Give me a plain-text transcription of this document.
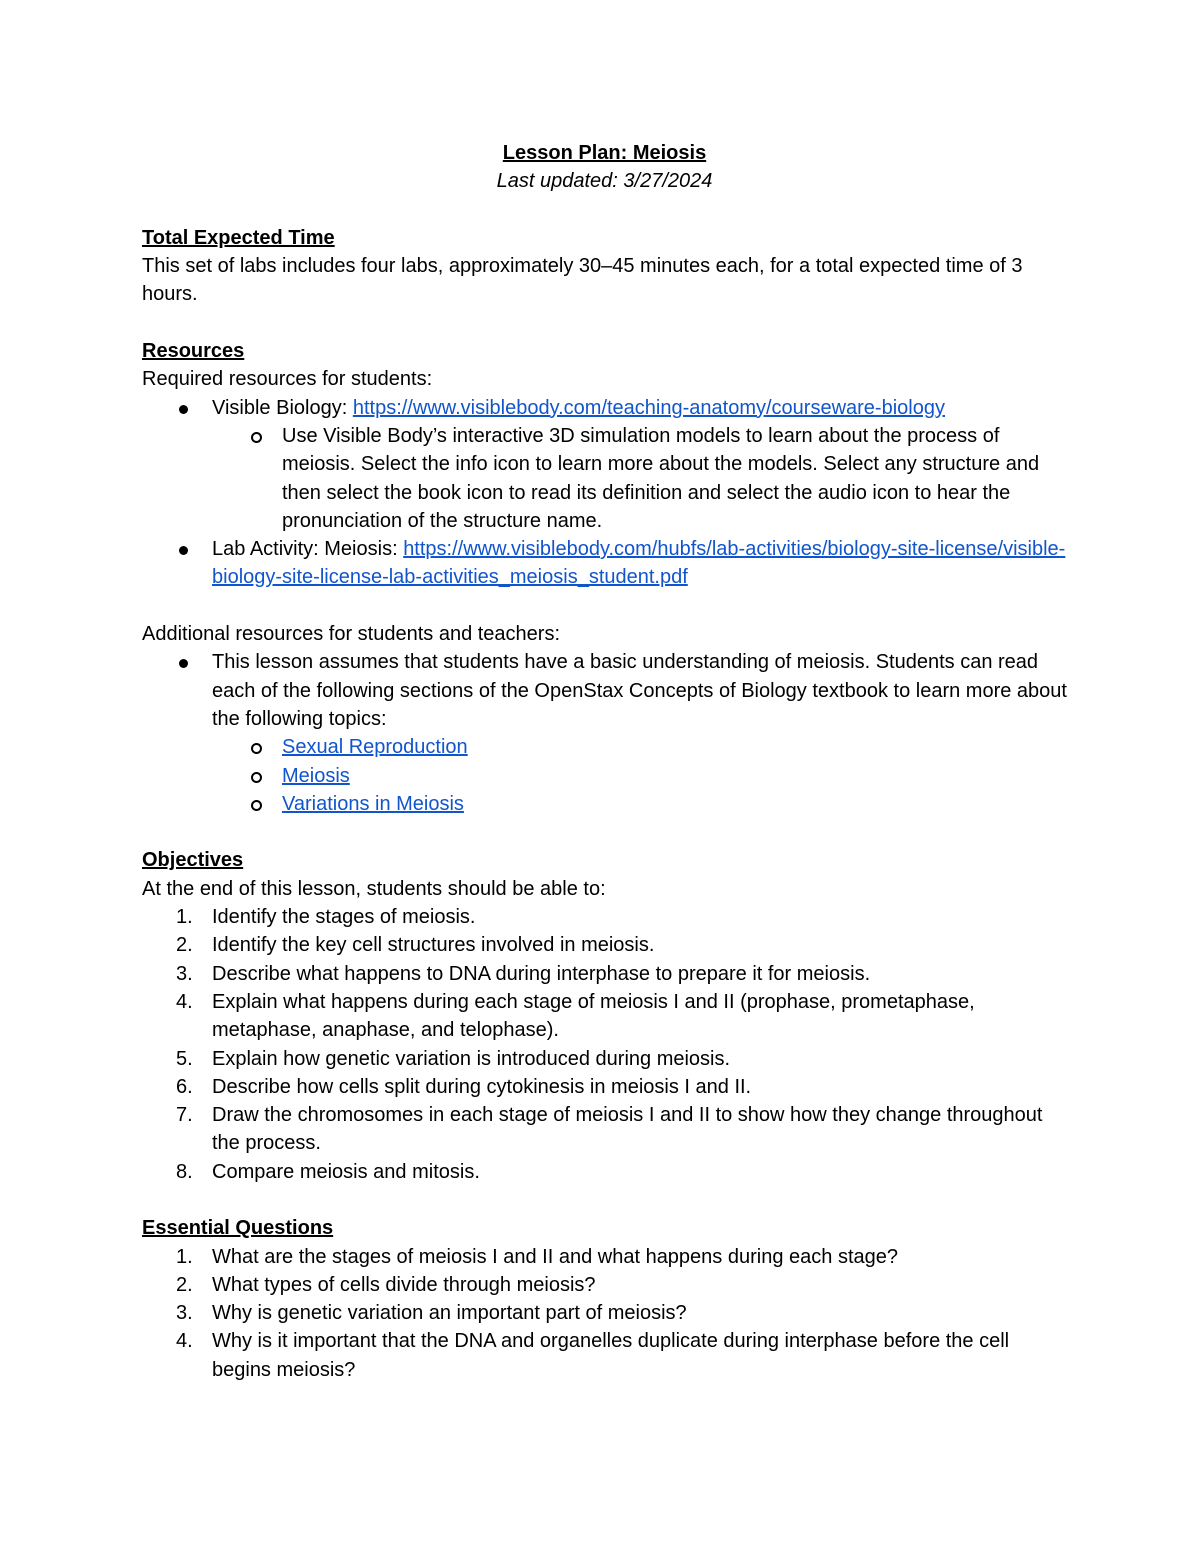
Lesson Plan: Meiosis

Last updated: 3/27/2024

Total Expected Time

This set of labs includes four labs, approximately 30–45 minutes each, for a total expected time of 3 hours.

Resources

Required resources for students:

Visible Biology: https://www.visiblebody.com/teaching-anatomy/courseware-biology
Use Visible Body’s interactive 3D simulation models to learn about the process of meiosis. Select the info icon to learn more about the models. Select any structure and then select the book icon to read its definition and select the audio icon to hear the pronunciation of the structure name.
Lab Activity: Meiosis: https://www.visiblebody.com/hubfs/lab-activities/biology-site-license/visible-biology-site-license-lab-activities_meiosis_student.pdf

Additional resources for students and teachers:

This lesson assumes that students have a basic understanding of meiosis. Students can read each of the following sections of the OpenStax Concepts of Biology textbook to learn more about the following topics:
Sexual Reproduction
Meiosis
Variations in Meiosis

Objectives

At the end of this lesson, students should be able to:

1. Identify the stages of meiosis.
2. Identify the key cell structures involved in meiosis.
3. Describe what happens to DNA during interphase to prepare it for meiosis.
4. Explain what happens during each stage of meiosis I and II (prophase, prometaphase, metaphase, anaphase, and telophase).
5. Explain how genetic variation is introduced during meiosis.
6. Describe how cells split during cytokinesis in meiosis I and II.
7. Draw the chromosomes in each stage of meiosis I and II to show how they change throughout the process.
8. Compare meiosis and mitosis.

Essential Questions

1. What are the stages of meiosis I and II and what happens during each stage?
2. What types of cells divide through meiosis?
3. Why is genetic variation an important part of meiosis?
4. Why is it important that the DNA and organelles duplicate during interphase before the cell begins meiosis?
